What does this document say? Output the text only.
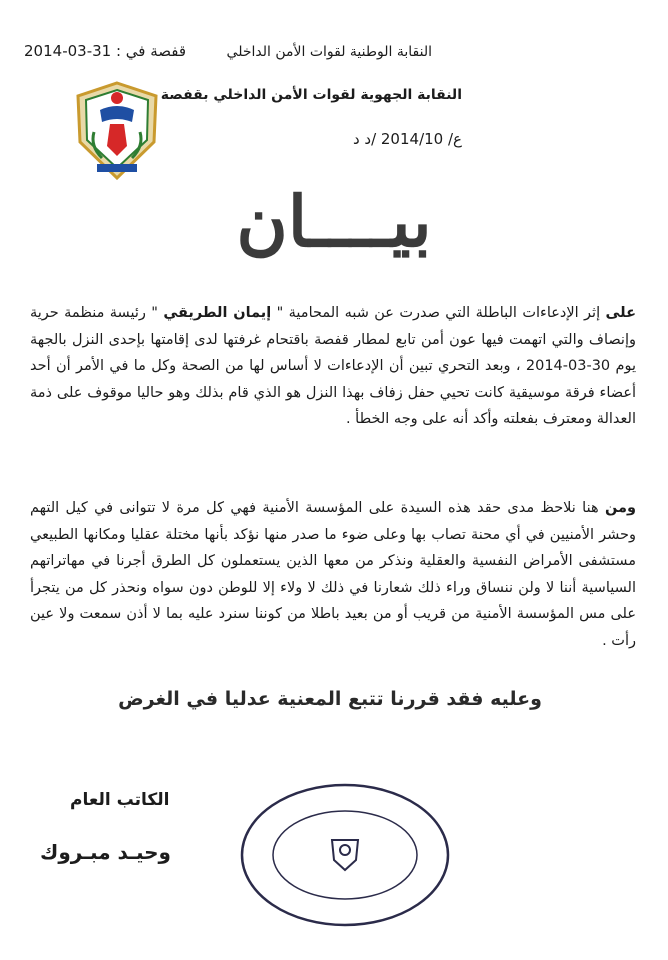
النقابة الوطنية لقوات الأمن الداخلي
النقابة الجهوية لقوات الأمن الداخلي بقفصة
ع/ 2014/10 /د د
قفصة في : 31-03-2014
بيــــان
على إثر الإدعاءات الباطلة التي صدرت عن شبه المحامية " إيمان الطريقي " رئيسة منظمة حرية وإنصاف والتي اتهمت فيها عون أمن تابع لمطار قفصة باقتحام غرفتها لدى إقامتها بإحدى النزل بالجهة يوم 30-03-2014 ، وبعد التحري تبين أن الإدعاءات لا أساس لها من الصحة وكل ما في الأمر أن أحد أعضاء فرقة موسيقية كانت تحيي حفل زفاف بهذا النزل هو الذي قام بذلك وهو حاليا موقوف على ذمة العدالة ومعترف بفعلته وأكد أنه على وجه الخطأ .
ومن هنا نلاحظ مدى حقد هذه السيدة على المؤسسة الأمنية فهي كل مرة لا تتوانى في كيل التهم وحشر الأمنيين في أي محنة تصاب بها وعلى ضوء ما صدر منها نؤكد بأنها مختلة عقليا ومكانها الطبيعي مستشفى الأمراض النفسية والعقلية ونذكر من معها الذين يستعملون كل الطرق أجرنا في مهاتراتهم السياسية أننا لا ولن ننساق وراء ذلك شعارنا في ذلك لا ولاء إلا للوطن دون سواه ونحذر كل من يتجرأ على مس المؤسسة الأمنية من قريب أو من بعيد باطلا من كوننا سنرد عليه بما لا أذن سمعت ولا عين رأت .
وعليه فقد قررنا تتبع المعنية عدليا في الغرض
الكاتب العام
وحيـد مبـروك
